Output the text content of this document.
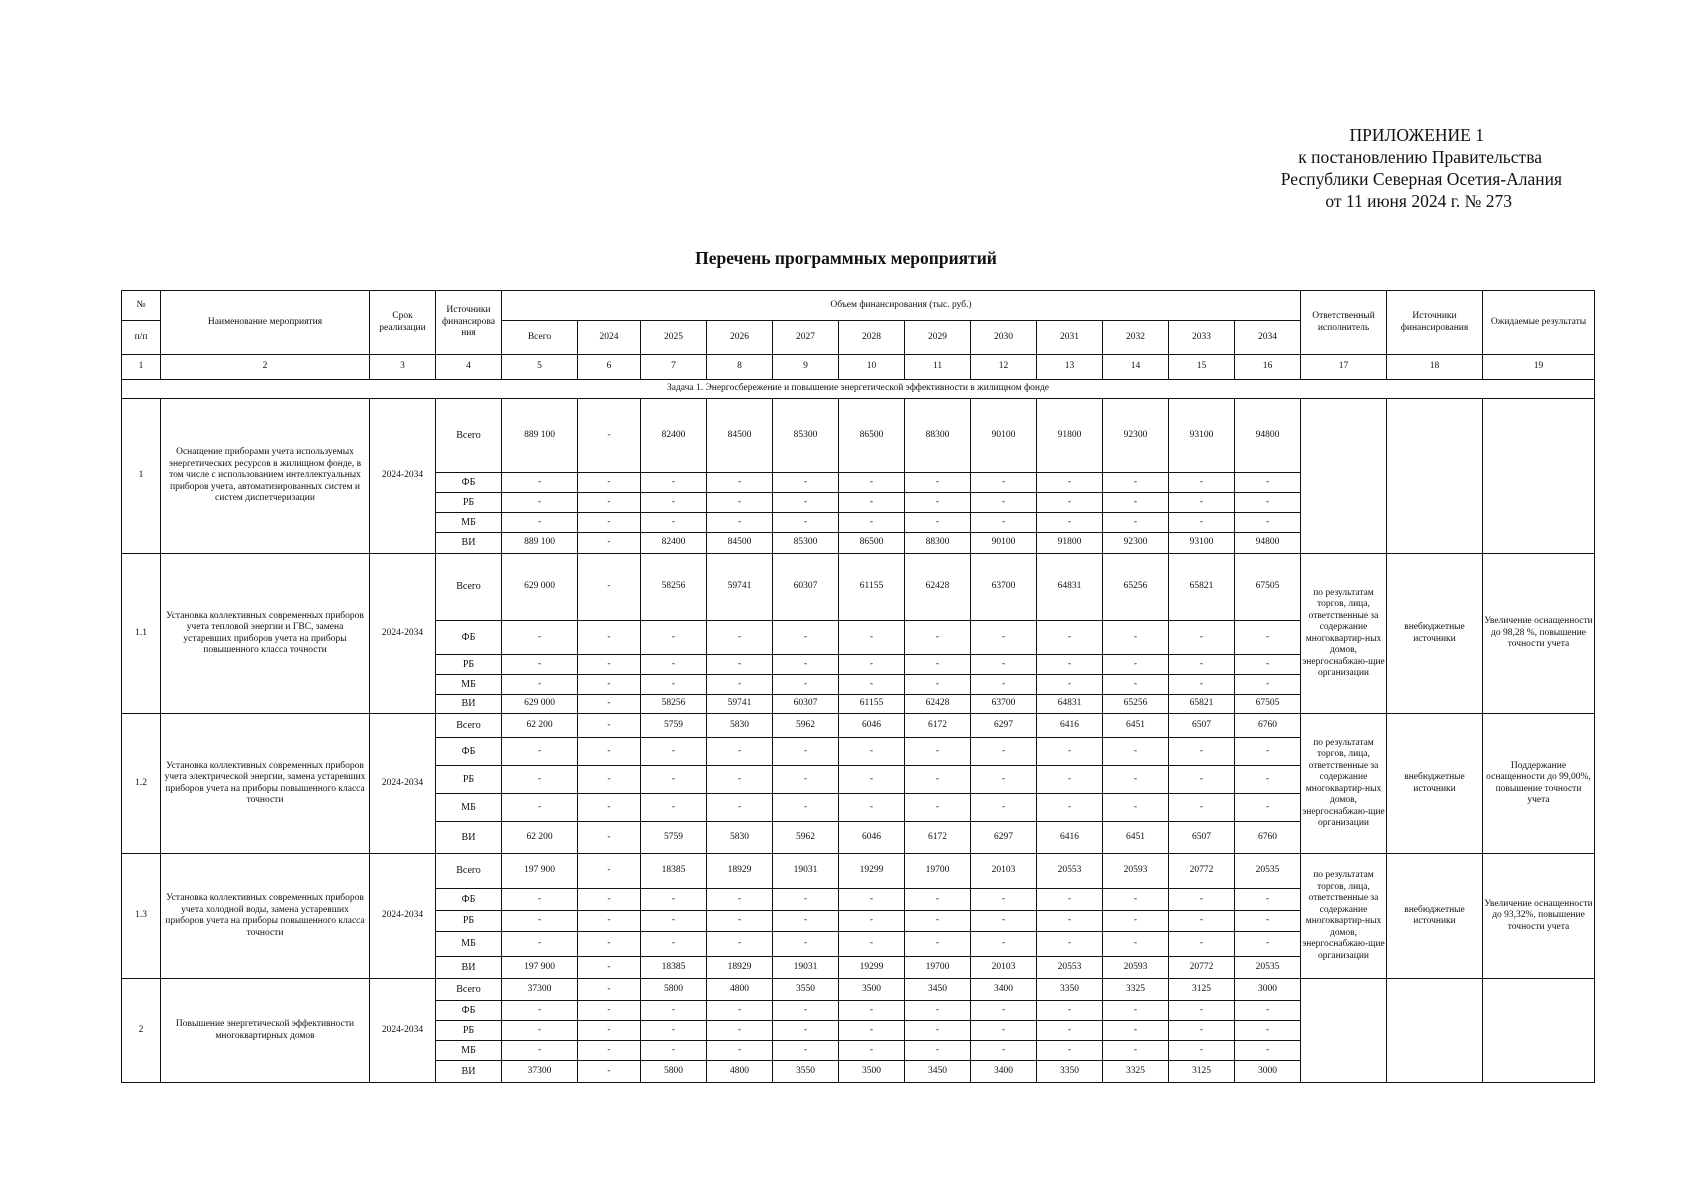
ПРИЛОЖЕНИЕ 1
к постановлению Правительства
Республики Северная Осетия-Алания
от 11 июня 2024 г. № 273
Перечень программных мероприятий
№	Наименование мероприятия	Срок реализации	Источники финансирова ния	Объем финансирования (тыс. руб.)												Ответственный исполнитель	Источники финансирования	Ожидаемые результаты
п/п				Всего	2024	2025	2026	2027	2028	2029	2030	2031	2032	2033	2034			
1	2	3	4	5	6	7	8	9	10	11	12	13	14	15	16	17	18	19
Задача 1. Энергосбережение и повышение энергетической эффективности в жилищном фонде																		
1	Оснащение приборами учета используемых энергетических ресурсов в жилищном фонде, в том числе с использованием интеллектуальных приборов учета, автоматизированных систем и систем диспетчеризации	2024-2034	Всего	889 100	-	82400	84500	85300	86500	88300	90100	91800	92300	93100	94800			
			ФБ	-	-	-	-	-	-	-	-	-	-	-	-			
			РБ	-	-	-	-	-	-	-	-	-	-	-	-			
			МБ	-	-	-	-	-	-	-	-	-	-	-	-			
			ВИ	889 100	-	82400	84500	85300	86500	88300	90100	91800	92300	93100	94800			
1.1	Установка коллективных современных приборов учета тепловой энергии и ГВС, замена устаревших приборов учета на приборы повышенного класса точности	2024-2034	Всего	629 000	-	58256	59741	60307	61155	62428	63700	64831	65256	65821	67505	по результатам торгов, лица, ответственные за содержание многоквартир-ных домов, энергоснабжаю-щие организации	внебюджетные источники	Увеличение оснащенности до 98,28 %, повышение точности учета
			ФБ	-	-	-	-	-	-	-	-	-	-	-	-			
			РБ	-	-	-	-	-	-	-	-	-	-	-	-			
			МБ	-	-	-	-	-	-	-	-	-	-	-	-			
			ВИ	629 000	-	58256	59741	60307	61155	62428	63700	64831	65256	65821	67505			
1.2	Установка коллективных современных приборов учета электрической энергии, замена устаревших приборов учета на приборы повышенного класса точности	2024-2034	Всего	62 200	-	5759	5830	5962	6046	6172	6297	6416	6451	6507	6760	по результатам торгов, лица, ответственные за содержание многоквартир-ных домов, энергоснабжаю-щие организации	внебюджетные источники	Поддержание оснащенности до 99,00%, повышение точности учета
			ФБ	-	-	-	-	-	-	-	-	-	-	-	-			
			РБ	-	-	-	-	-	-	-	-	-	-	-	-			
			МБ	-	-	-	-	-	-	-	-	-	-	-	-			
			ВИ	62 200	-	5759	5830	5962	6046	6172	6297	6416	6451	6507	6760			
1.3	Установка коллективных современных приборов учета холодной воды, замена устаревших приборов учета на приборы повышенного класса точности	2024-2034	Всего	197 900	-	18385	18929	19031	19299	19700	20103	20553	20593	20772	20535	по результатам торгов, лица, ответственные за содержание многоквартир-ных домов, энергоснабжаю-щие организации	внебюджетные источники	Увеличение оснащенности до 93,32%, повышение точности учета
			ФБ	-	-	-	-	-	-	-	-	-	-	-	-			
			РБ	-	-	-	-	-	-	-	-	-	-	-	-			
			МБ	-	-	-	-	-	-	-	-	-	-	-	-			
			ВИ	197 900	-	18385	18929	19031	19299	19700	20103	20553	20593	20772	20535			
2	Повышение энергетической эффективности многоквартирных домов	2024-2034	Всего	37300	-	5800	4800	3550	3500	3450	3400	3350	3325	3125	3000			
			ФБ	-	-	-	-	-	-	-	-	-	-	-	-			
			РБ	-	-	-	-	-	-	-	-	-	-	-	-			
			МБ	-	-	-	-	-	-	-	-	-	-	-	-			
			ВИ	37300	-	5800	4800	3550	3500	3450	3400	3350	3325	3125	3000			
